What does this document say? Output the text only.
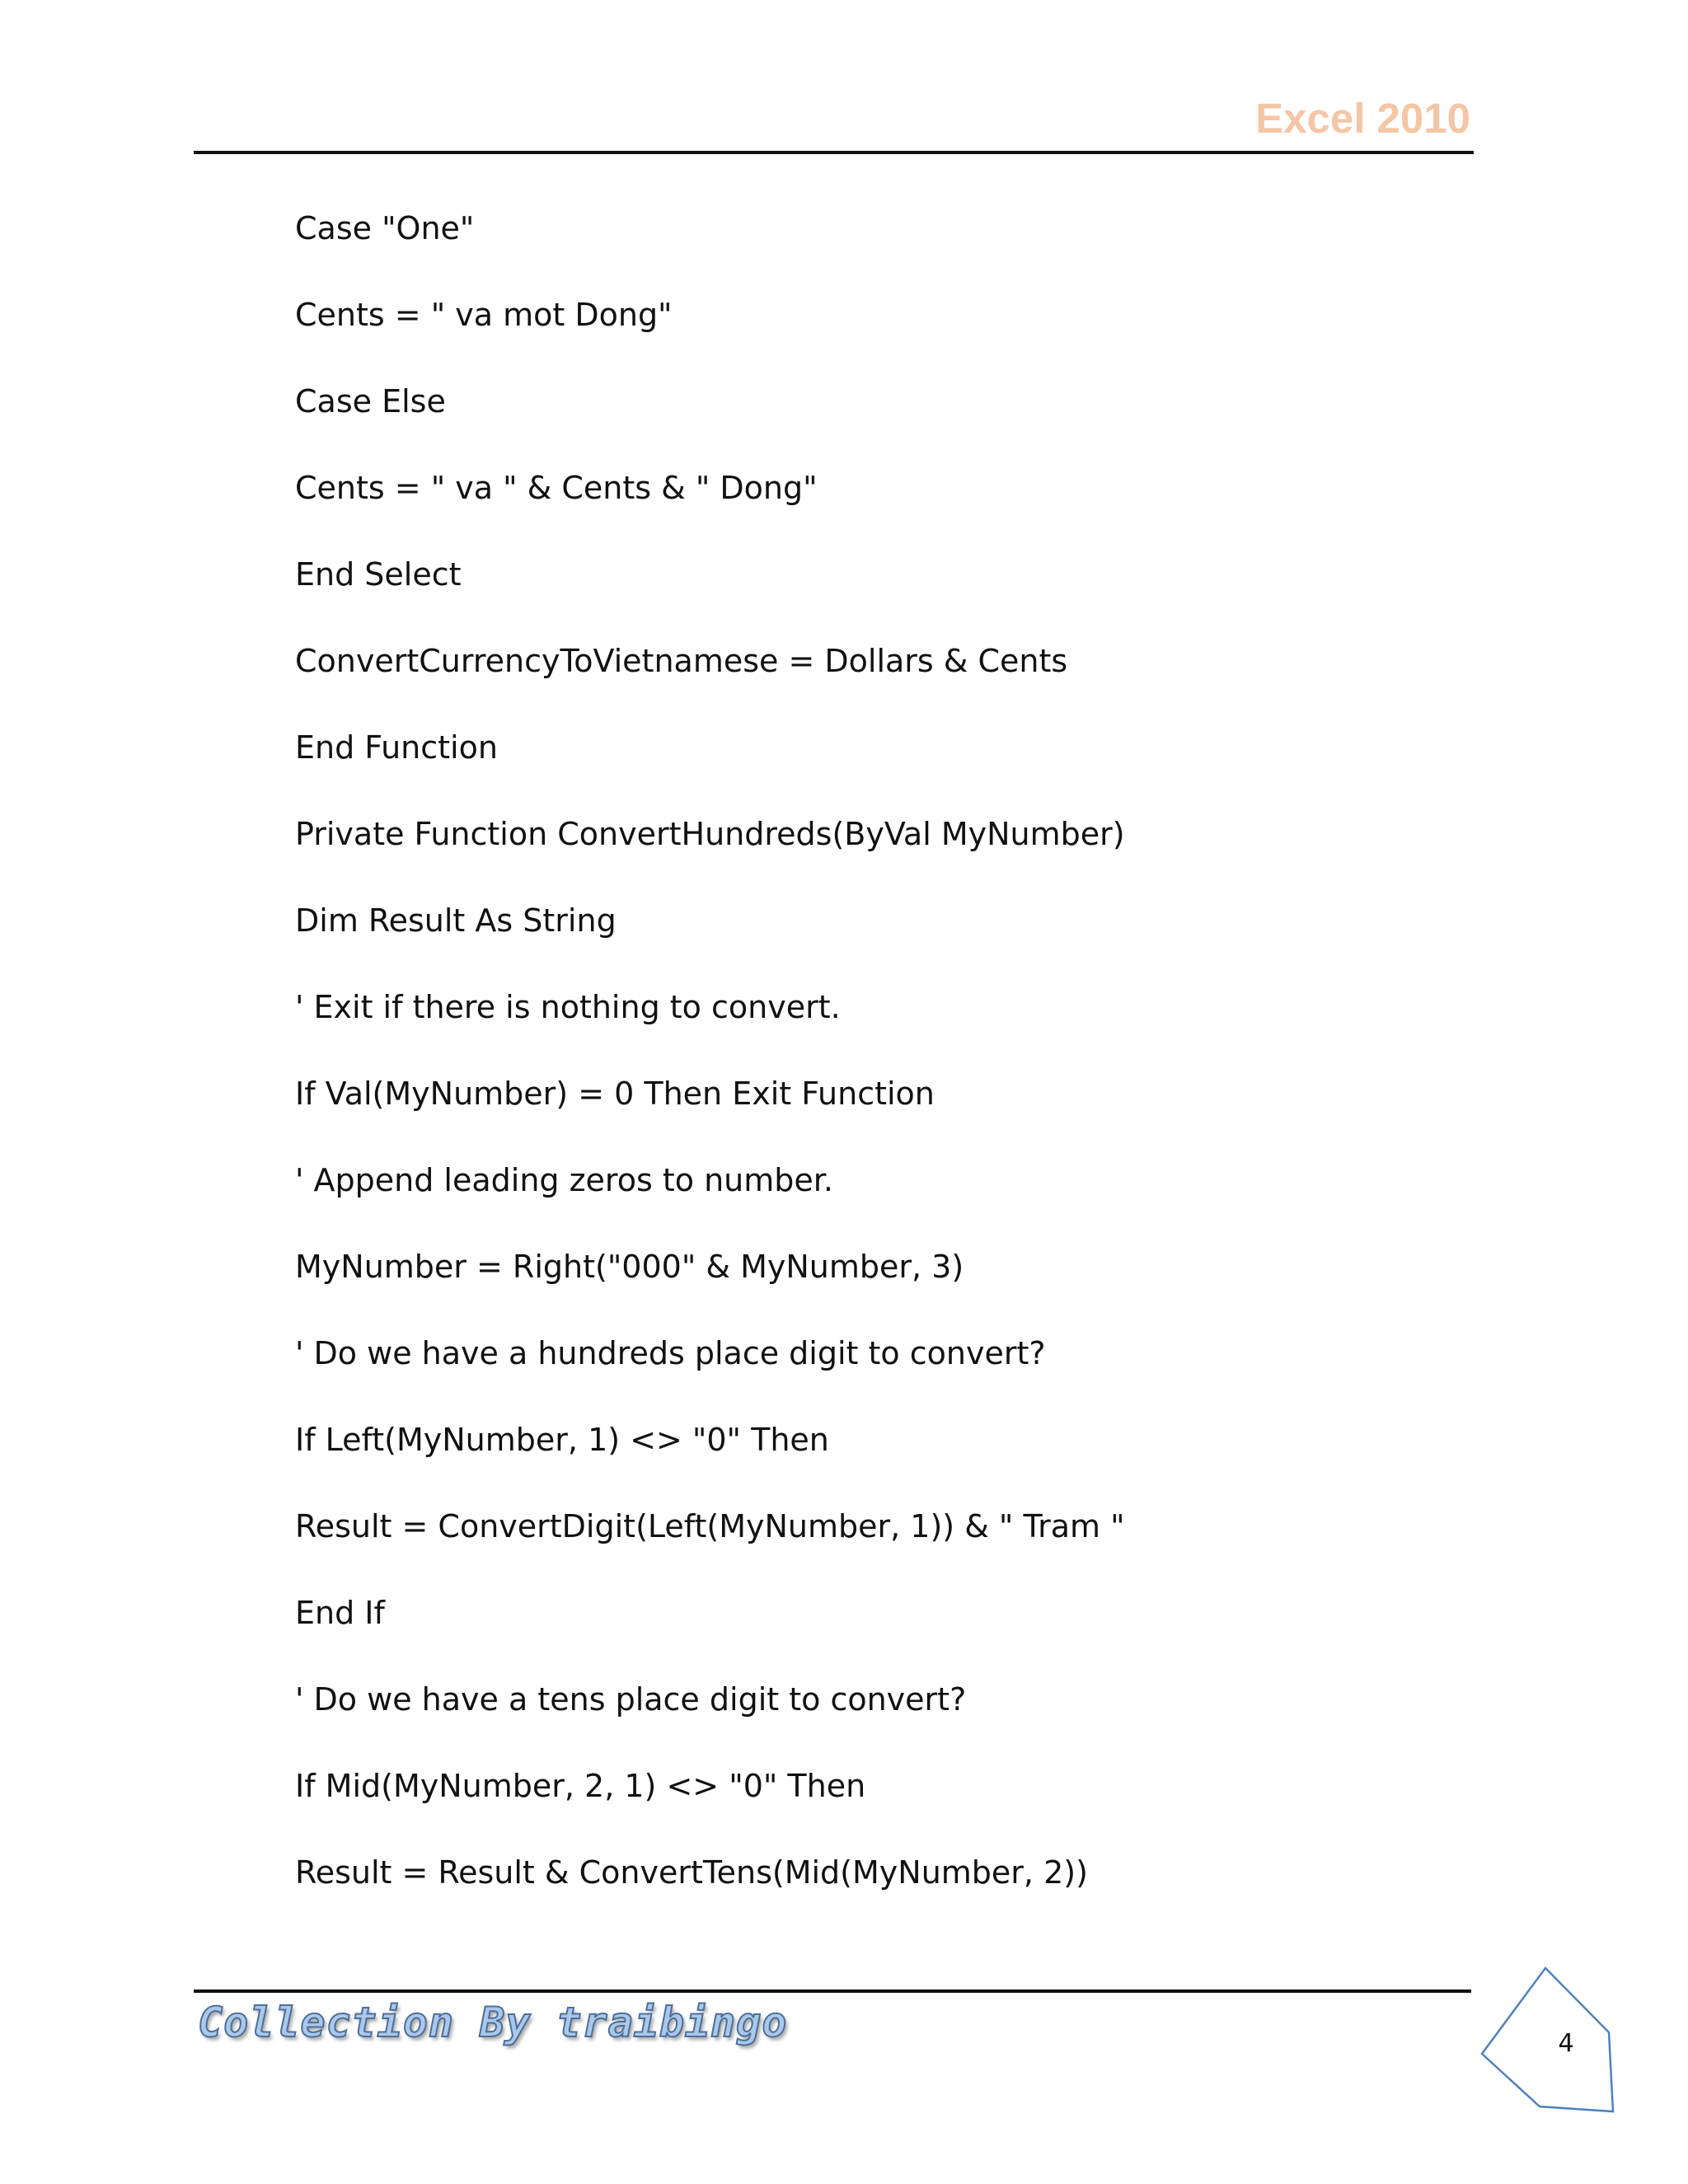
Excel 2010
Case "One"
Cents = " va mot Dong"
Case Else
Cents = " va " & Cents & " Dong"
End Select
ConvertCurrencyToVietnamese = Dollars & Cents
End Function
Private Function ConvertHundreds(ByVal MyNumber)
Dim Result As String
' Exit if there is nothing to convert.
If Val(MyNumber) = 0 Then Exit Function
' Append leading zeros to number.
MyNumber = Right("000" & MyNumber, 3)
' Do we have a hundreds place digit to convert?
If Left(MyNumber, 1) <> "0" Then
Result = ConvertDigit(Left(MyNumber, 1)) & " Tram "
End If
' Do we have a tens place digit to convert?
If Mid(MyNumber, 2, 1) <> "0" Then
Result = Result & ConvertTens(Mid(MyNumber, 2))
Collection By traibingo	4
